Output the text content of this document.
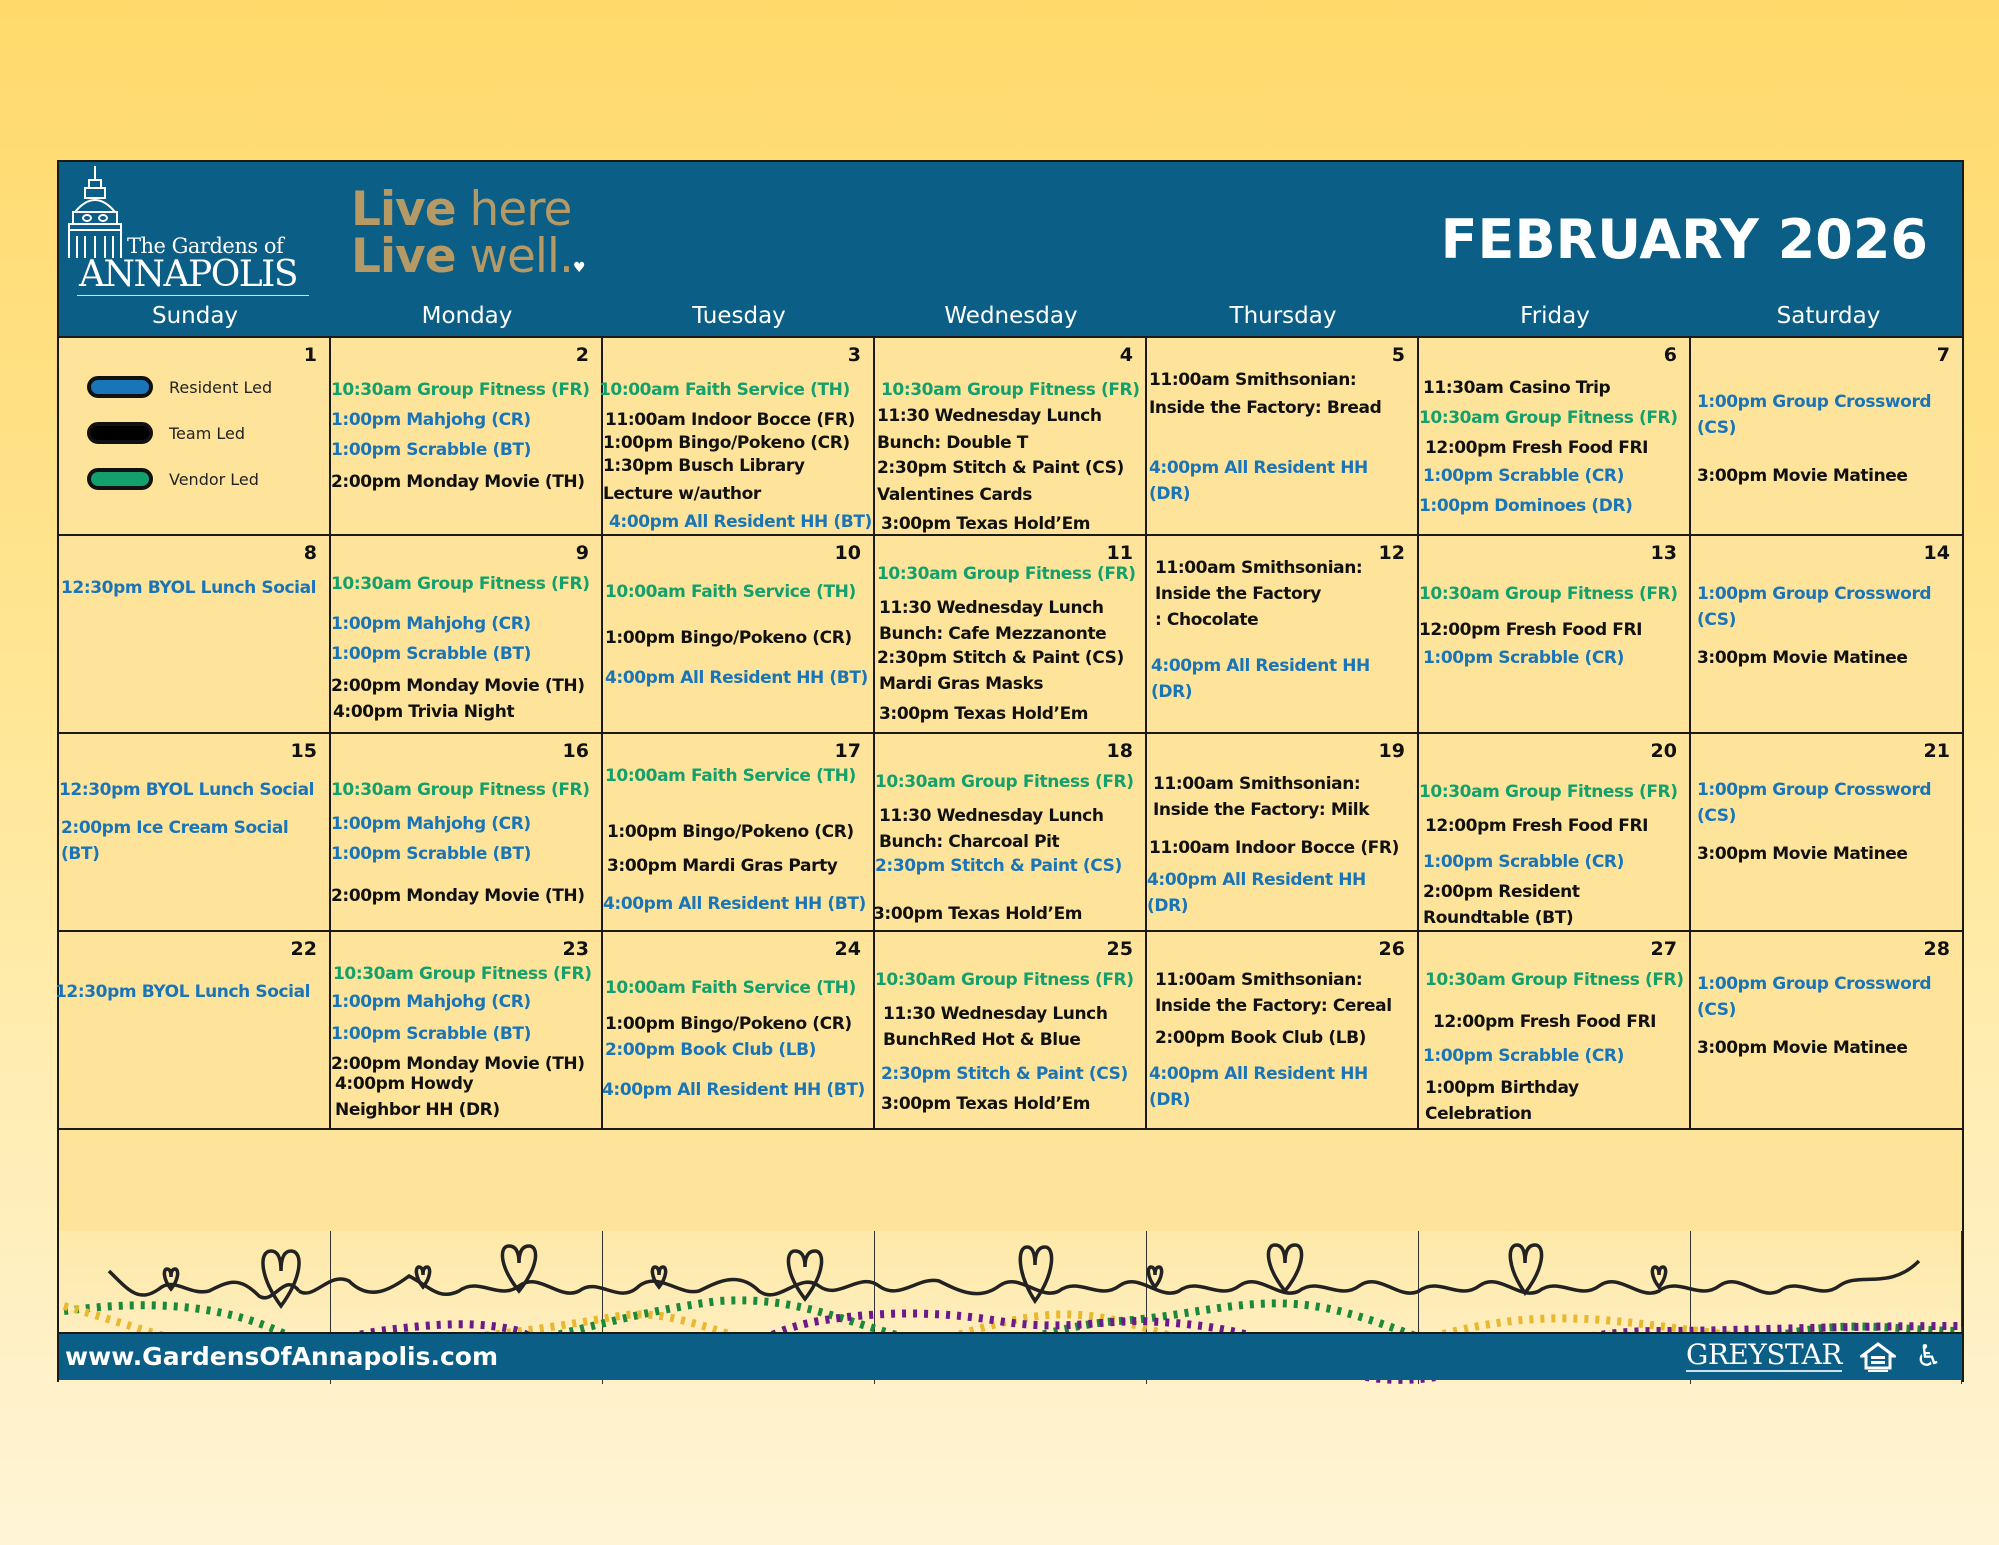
The Gardens of
ANNAPOLIS
Live here
Live well.♥	FEBRUARY 2026
Sunday	Monday	Tuesday	Wednesday	Thursday	Friday	Saturday
1
Resident Led
Team Led
Vendor Led
2
10:30am Group Fitness (FR)
1:00pm Mahjohg (CR)
1:00pm Scrabble (BT)
2:00pm Monday Movie (TH)
3
10:00am Faith Service (TH)
11:00am Indoor Bocce (FR)
1:00pm Bingo/Pokeno (CR)
1:30pm Busch Library
Lecture w/author
4:00pm All Resident HH (BT)
4
10:30am Group Fitness (FR)
11:30 Wednesday Lunch
Bunch: Double T
2:30pm Stitch & Paint (CS)
Valentines Cards
3:00pm Texas Hold’Em
5
11:00am Smithsonian:
Inside the Factory: Bread
4:00pm All Resident HH
(DR)
6
11:30am Casino Trip
10:30am Group Fitness (FR)
12:00pm Fresh Food FRI
1:00pm Scrabble (CR)
1:00pm Dominoes (DR)
7
1:00pm Group Crossword
(CS)
3:00pm Movie Matinee
8
12:30pm BYOL Lunch Social
9
10:30am Group Fitness (FR)
1:00pm Mahjohg (CR)
1:00pm Scrabble (BT)
2:00pm Monday Movie (TH)
4:00pm Trivia Night
10
10:00am Faith Service (TH)
1:00pm Bingo/Pokeno (CR)
4:00pm All Resident HH (BT)
11
10:30am Group Fitness (FR)
11:30 Wednesday Lunch
Bunch: Cafe Mezzanonte
2:30pm Stitch & Paint (CS)
Mardi Gras Masks
3:00pm Texas Hold’Em
12
11:00am Smithsonian:
Inside the Factory
: Chocolate
4:00pm All Resident HH
(DR)
13
10:30am Group Fitness (FR)
12:00pm Fresh Food FRI
1:00pm Scrabble (CR)
14
1:00pm Group Crossword
(CS)
3:00pm Movie Matinee
15
12:30pm BYOL Lunch Social
2:00pm Ice Cream Social
(BT)
16
10:30am Group Fitness (FR)
1:00pm Mahjohg (CR)
1:00pm Scrabble (BT)
2:00pm Monday Movie (TH)
17
10:00am Faith Service (TH)
1:00pm Bingo/Pokeno (CR)
3:00pm Mardi Gras Party
4:00pm All Resident HH (BT)
18
10:30am Group Fitness (FR)
11:30 Wednesday Lunch
Bunch: Charcoal Pit
2:30pm Stitch & Paint (CS)
3:00pm Texas Hold’Em
19
11:00am Smithsonian:
Inside the Factory: Milk
11:00am Indoor Bocce (FR)
4:00pm All Resident HH
(DR)
20
10:30am Group Fitness (FR)
12:00pm Fresh Food FRI
1:00pm Scrabble (CR)
2:00pm Resident
Roundtable (BT)
21
1:00pm Group Crossword
(CS)
3:00pm Movie Matinee
22
12:30pm BYOL Lunch Social
23
10:30am Group Fitness (FR)
1:00pm Mahjohg (CR)
1:00pm Scrabble (BT)
2:00pm Monday Movie (TH)
4:00pm Howdy
Neighbor HH (DR)
24
10:00am Faith Service (TH)
1:00pm Bingo/Pokeno (CR)
2:00pm Book Club (LB)
4:00pm All Resident HH (BT)
25
10:30am Group Fitness (FR)
11:30 Wednesday Lunch
BunchRed Hot & Blue
2:30pm Stitch & Paint (CS)
3:00pm Texas Hold’Em
26
11:00am Smithsonian:
Inside the Factory: Cereal
2:00pm Book Club (LB)
4:00pm All Resident HH
(DR)
27
10:30am Group Fitness (FR)
12:00pm Fresh Food FRI
1:00pm Scrabble (CR)
1:00pm Birthday
Celebration
28
1:00pm Group Crossword
(CS)
3:00pm Movie Matinee
www.GardensOfAnnapolis.com	GREYSTAR ♿
